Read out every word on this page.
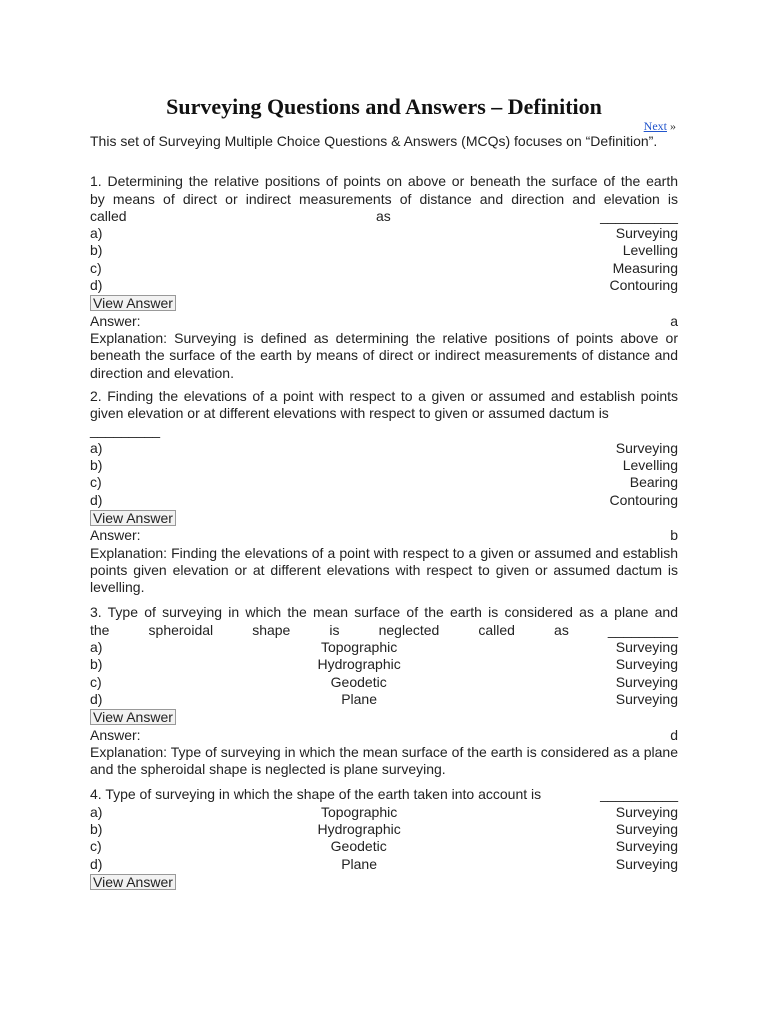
Surveying Questions and Answers – Definition
Next »

This set of Surveying Multiple Choice Questions & Answers (MCQs) focuses on “Definition”.

1. Determining the relative positions of points on above or beneath the surface of the earth
by means of direct or indirect measurements of distance and direction and elevation is
called	as	__________
a)	Surveying
b)	Levelling
c)	Measuring
d)	Contouring
View Answer
Answer:	a

Explanation: Surveying is defined as determining the relative positions of points above or beneath the surface of the earth by means of direct or indirect measurements of distance and direction and elevation.

2. Finding the elevations of a point with respect to a given or assumed and establish points given elevation or at different elevations with respect to given or assumed dactum is
_________
a)	Surveying
b)	Levelling
c)	Bearing
d)	Contouring
View Answer
Answer:	b

Explanation: Finding the elevations of a point with respect to a given or assumed and establish points given elevation or at different elevations with respect to given or assumed dactum is levelling.

3. Type of surveying in which the mean surface of the earth is considered as a plane and
the	spheroidal	shape	is	neglected	called	as	_________
a)	Topographic	Surveying
b)	Hydrographic	Surveying
c)	Geodetic	Surveying
d)	Plane	Surveying
View Answer
Answer:	d

Explanation: Type of surveying in which the mean surface of the earth is considered as a plane and the spheroidal shape is neglected is plane surveying.

4. Type of surveying in which the shape of the earth taken into account is	__________
a)	Topographic	Surveying
b)	Hydrographic	Surveying
c)	Geodetic	Surveying
d)	Plane	Surveying
View Answer
